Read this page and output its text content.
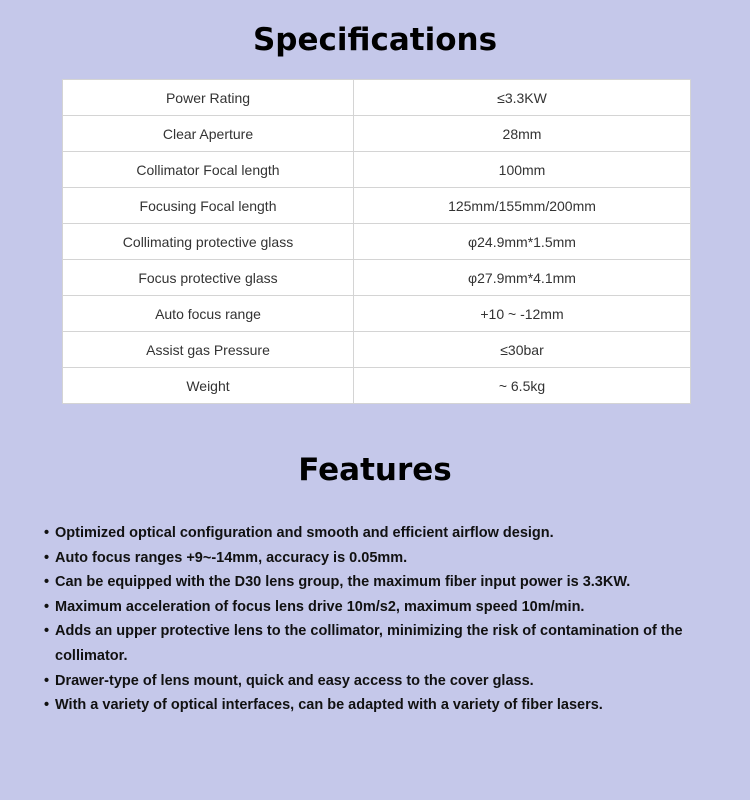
Specifications
Power Rating	≤3.3KW
Clear Aperture	28mm
Collimator Focal length	100mm
Focusing Focal length	125mm/155mm/200mm
Collimating protective glass	φ24.9mm*1.5mm
Focus protective glass	φ27.9mm*4.1mm
Auto focus range	+10 ~ -12mm
Assist gas Pressure	≤30bar
Weight	~ 6.5kg
Features
• Optimized optical configuration and smooth and efficient airflow design.
• Auto focus ranges +9~-14mm, accuracy is 0.05mm.
• Can be equipped with the D30 lens group, the maximum fiber input power is 3.3KW.
• Maximum acceleration of focus lens drive 10m/s2, maximum speed 10m/min.
• Adds an upper protective lens to the collimator, minimizing the risk of contamination of the collimator.
• Drawer-type of lens mount, quick and easy access to the cover glass.
• With a variety of optical interfaces, can be adapted with a variety of fiber lasers.
